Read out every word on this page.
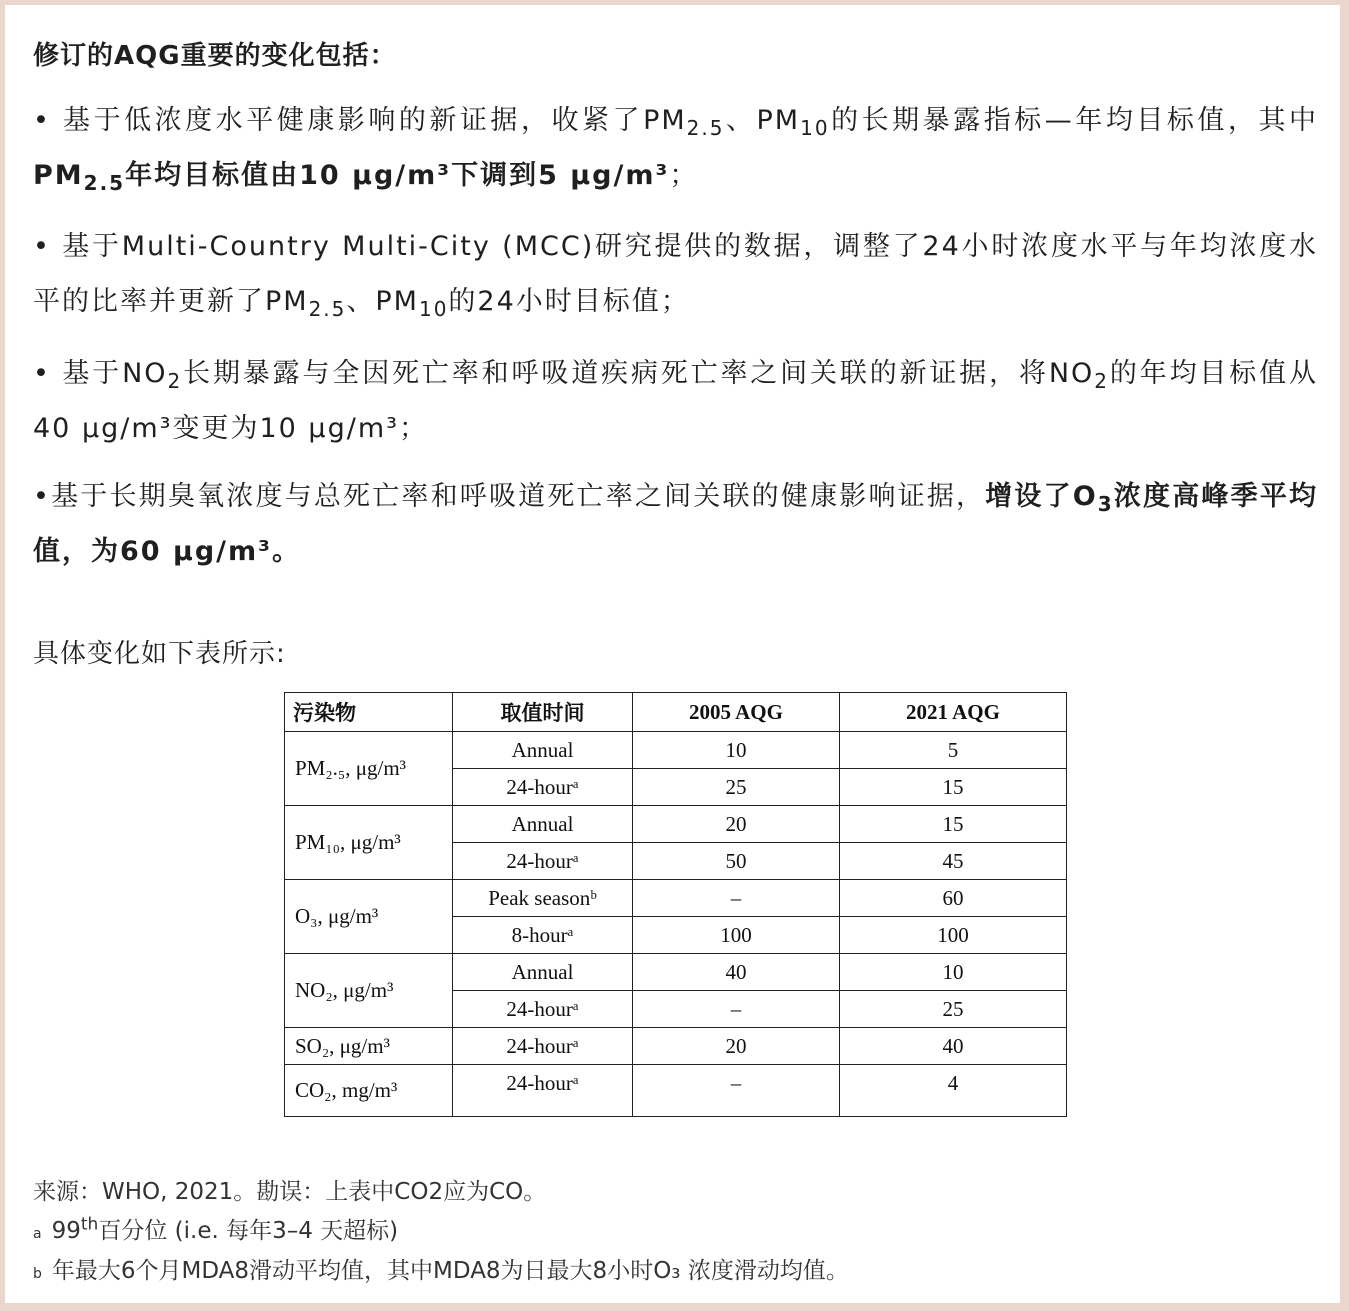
修订的AQG重要的变化包括：
• 基于低浓度水平健康影响的新证据，收紧了$PM_{2.5}$、$PM_{10}$的长期暴露指标—年均目标值，其中$PM_{2.5}$年均目标值由10 μg/m³下调到5 μg/m³；
• 基于Multi-Country Multi-City (MCC)研究提供的数据，调整了24小时浓度水平与年均浓度水平的比率并更新了$PM_{2.5}$、$PM_{10}$的24小时目标值；
• 基于$NO_2$长期暴露与全因死亡率和呼吸道疾病死亡率之间关联的新证据，将$NO_2$的年均目标值从40 μg/m³变更为10 μg/m³；
•基于长期臭氧浓度与总死亡率和呼吸道死亡率之间关联的健康影响证据，增设了$O_3$浓度高峰季平均值，为60 μg/m³。
具体变化如下表所示:
污染物	取值时间	2005 AQG	2021 AQG
PM₂.₅, μg/m³	Annual	10	5
	24-hourᵃ	25	15
PM₁₀, μg/m³	Annual	20	15
	24-hourᵃ	50	45
O₃, μg/m³	Peak seasonᵇ	–	60
	8-hourᵃ	100	100
NO₂, μg/m³	Annual	40	10
	24-hourᵃ	–	25
SO₂, μg/m³	24-hourᵃ	20	40
CO₂, mg/m³	24-hourᵃ	–	4
来源：WHO, 2021。勘误：上表中CO2应为CO。
a 99th百分位 (i.e. 每年3–4 天超标)
b 年最大6个月MDA8滑动平均值，其中MDA8为日最大8小时O₃ 浓度滑动均值。
